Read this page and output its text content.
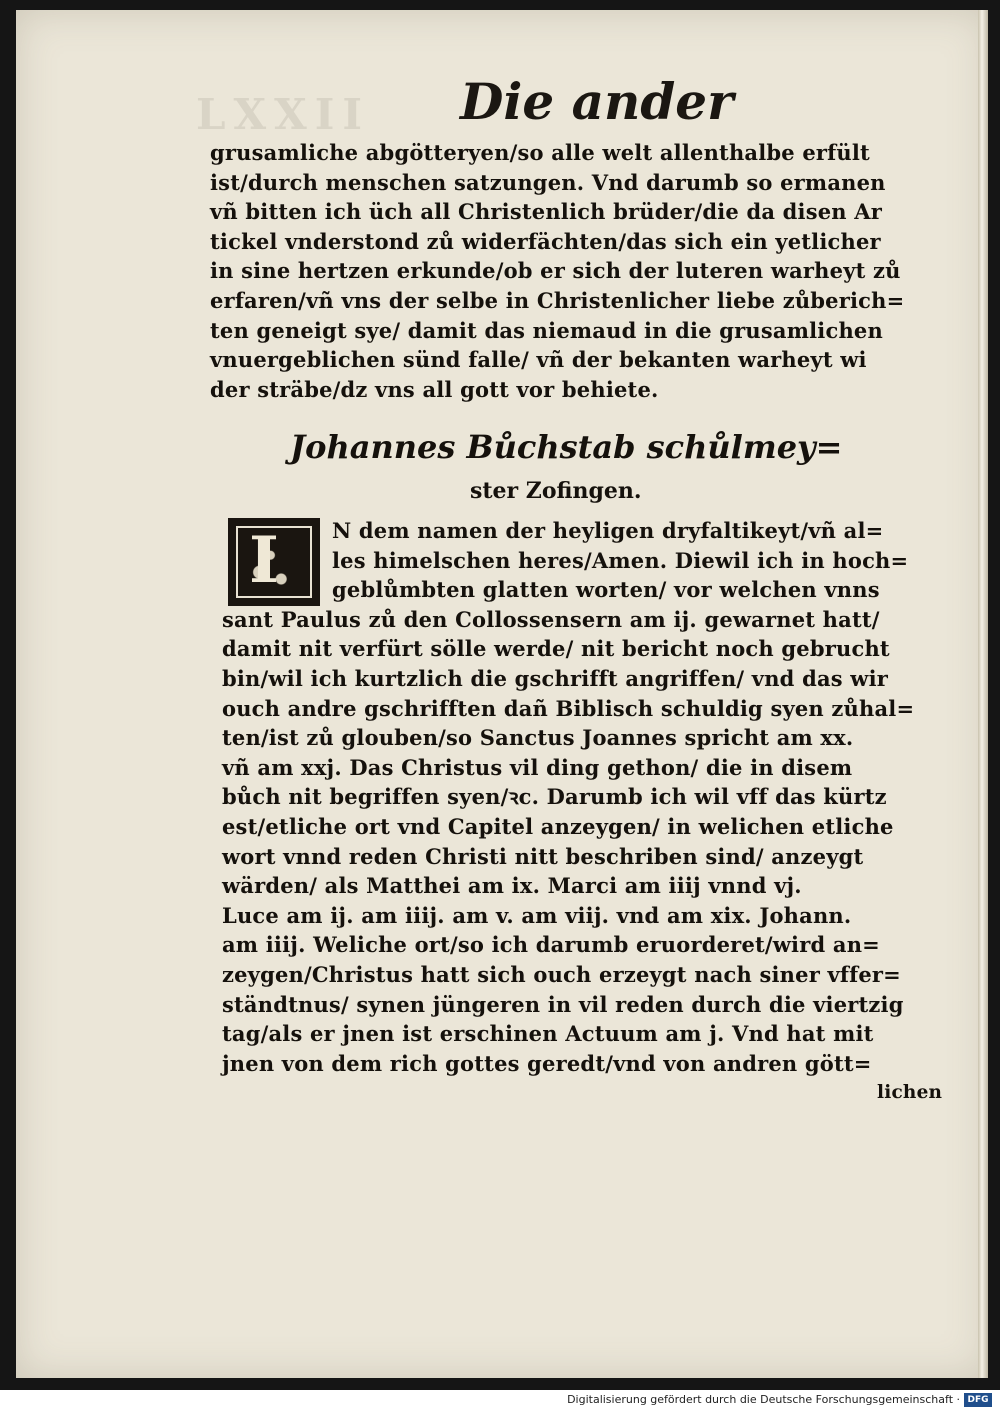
LXXII Die ander
grusamliche abgötteryen/so alle welt allenthalbe erfült
ist/durch menschen satzungen. Vnd darumb so ermanen
vñ bitten ich üch all Christenlich brüder/die da disen Ar
tickel vnderstond zů widerfächten/das sich ein yetlicher
in sine hertzen erkunde/ob er sich der luteren warheyt zů
erfaren/vñ vns der selbe in Christenlicher liebe zůberich=
ten geneigt sye/ damit das niemaud in die grusamlichen
vnuergeblichen sünd falle/ vñ der bekanten warheyt wi
der sträbe/dz vns all gott vor behiete.
Johannes Bůchstab schůlmey=
ster Zofingen.
I	N dem namen der heyligen dryfaltikeyt/vñ al=
les himelschen heres/Amen. Diewil ich in hoch=
geblůmbten glatten worten/ vor welchen vnns
sant Paulus zů den Collossensern am ij. gewarnet hatt/
damit nit verfürt sölle werde/ nit bericht noch gebrucht
bin/wil ich kurtzlich die gschrifft angriffen/ vnd das wir
ouch andre gschrifften dañ Biblisch schuldig syen zůhal=
ten/ist zů glouben/so Sanctus Joannes spricht am xx.
vñ am xxj. Das Christus vil ding gethon/ die in disem
bůch nit begriffen syen/ꝛc. Darumb ich wil vff das kürtz
est/etliche ort vnd Capitel anzeygen/ in welichen etliche
wort vnnd reden Christi nitt beschriben sind/ anzeygt
wärden/ als Matthei am ix. Marci am iiij vnnd vj.
Luce am ij. am iiij. am v. am viij. vnd am xix. Johann.
am iiij. Weliche ort/so ich darumb eruorderet/wird an=
zeygen/Christus hatt sich ouch erzeygt nach siner vffer=
ständtnus/ synen jüngeren in vil reden durch die viertzig
tag/als er jnen ist erschinen Actuum am j. Vnd hat mit
jnen von dem rich gottes geredt/vnd von andren gött=
lichen
Digitalisierung gefördert durch die Deutsche Forschungsgemeinschaft · DFG
